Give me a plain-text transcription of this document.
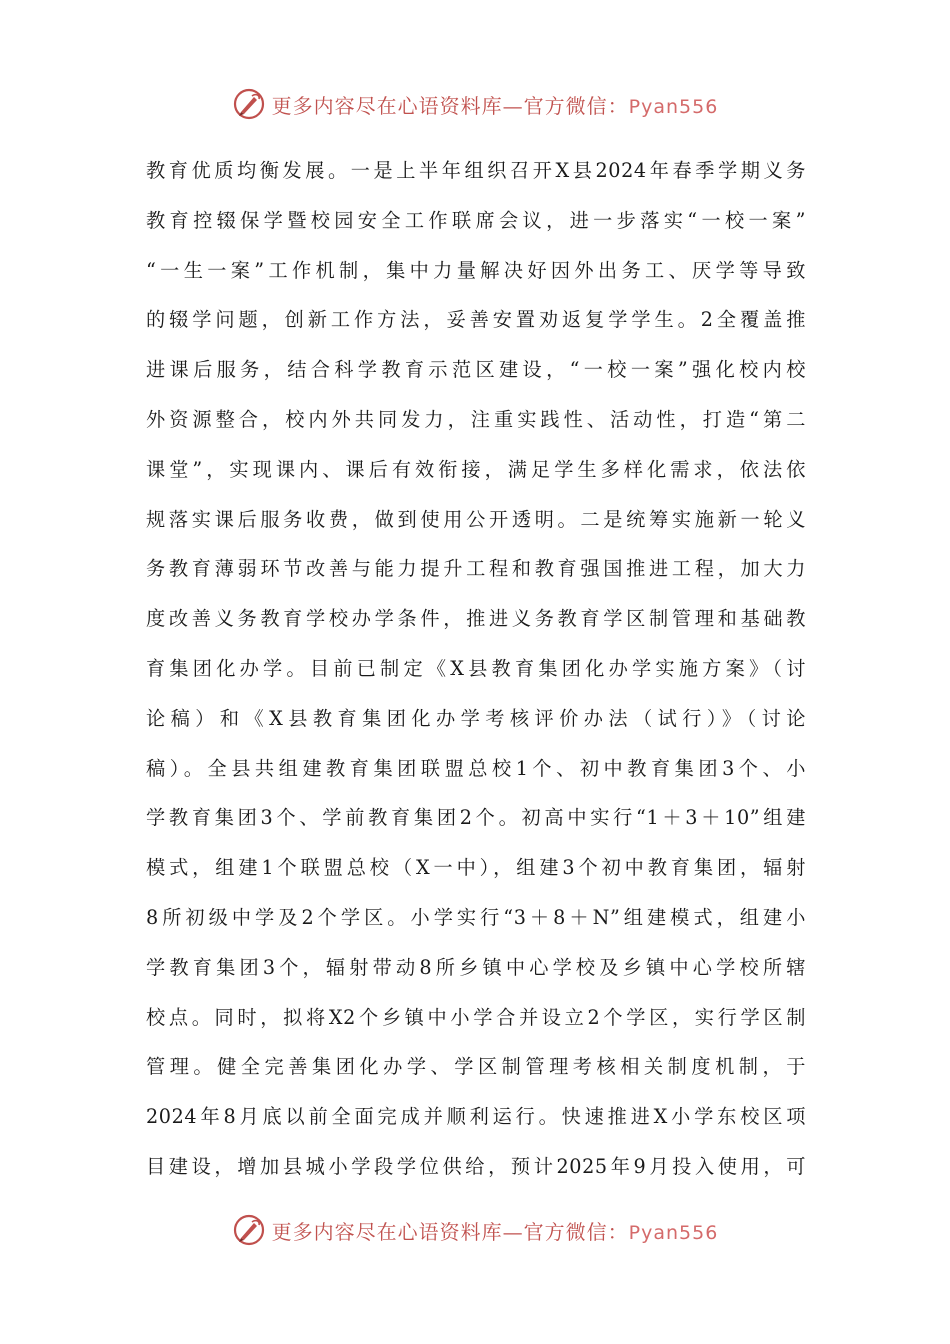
更多内容尽在心语资料库—官方微信：Pyan556
教育优质均衡发展。一是上半年组织召开X县2024年春季学期义务
教育控辍保学暨校园安全工作联席会议，进一步落实“一校一案”
“一生一案”工作机制，集中力量解决好因外出务工、厌学等导致
的辍学问题，创新工作方法，妥善安置劝返复学学生。2全覆盖推
进课后服务，结合科学教育示范区建设，“一校一案”强化校内校
外资源整合，校内外共同发力，注重实践性、活动性，打造“第二
课堂”，实现课内、课后有效衔接，满足学生多样化需求，依法依
规落实课后服务收费，做到使用公开透明。二是统筹实施新一轮义
务教育薄弱环节改善与能力提升工程和教育强国推进工程，加大力
度改善义务教育学校办学条件，推进义务教育学区制管理和基础教
育集团化办学。目前已制定《X县教育集团化办学实施方案》（讨
论稿）和《X县教育集团化办学考核评价办法（试行）》（讨论
稿）。全县共组建教育集团联盟总校1个、初中教育集团3个、小
学教育集团3个、学前教育集团2个。初高中实行“1＋3＋10”组建
模式，组建1个联盟总校（X一中），组建3个初中教育集团，辐射
8所初级中学及2个学区。小学实行“3＋8＋N”组建模式，组建小
学教育集团3个，辐射带动8所乡镇中心学校及乡镇中心学校所辖
校点。同时，拟将X2个乡镇中小学合并设立2个学区，实行学区制
管理。健全完善集团化办学、学区制管理考核相关制度机制，于
2024年8月底以前全面完成并顺利运行。快速推进X小学东校区项
目建设，增加县城小学段学位供给，预计2025年9月投入使用，可
更多内容尽在心语资料库—官方微信：Pyan556
